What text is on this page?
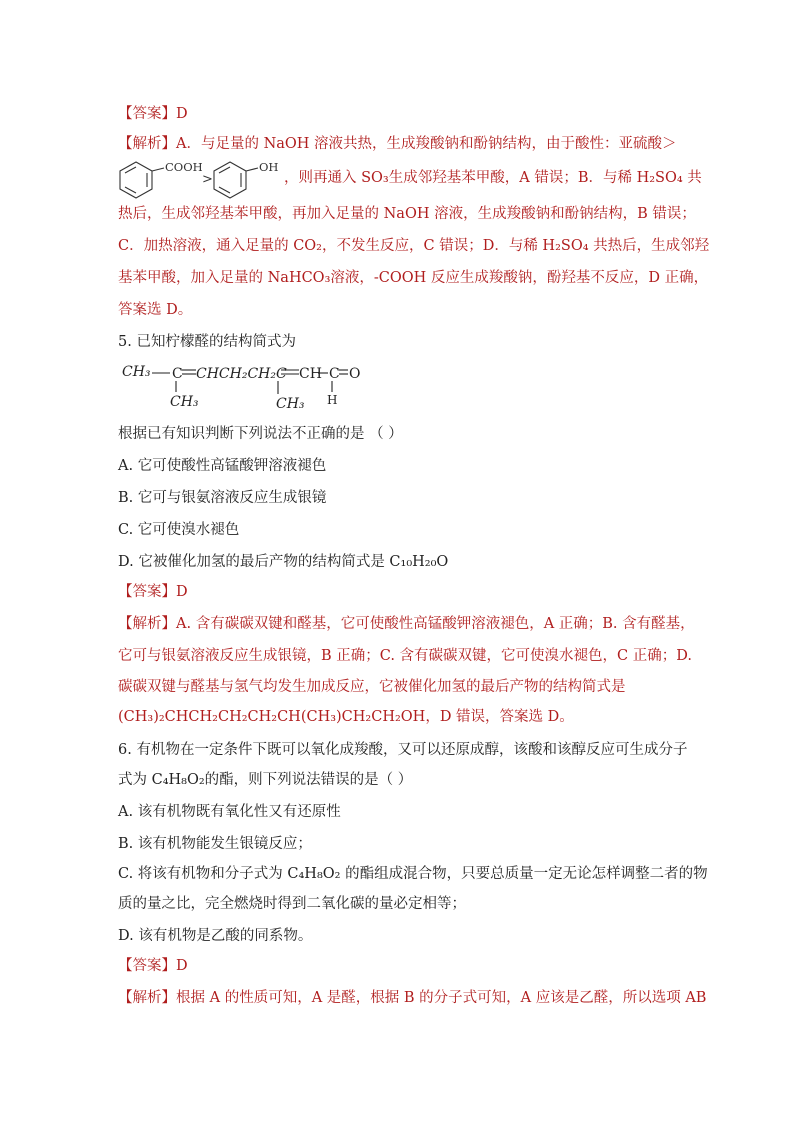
【答案】D
【解析】A．与足量的 NaOH 溶液共热，生成羧酸钠和酚钠结构，由于酸性：亚硫酸＞
COOH
>
OH
，则再通入 SO₃生成邻羟基苯甲酸，A 错误；B．与稀 H₂SO₄ 共
热后，生成邻羟基苯甲酸，再加入足量的 NaOH 溶液，生成羧酸钠和酚钠结构，B 错误；
C．加热溶液，通入足量的 CO₂，不发生反应，C 错误；D．与稀 H₂SO₄ 共热后，生成邻羟
基苯甲酸，加入足量的 NaHCO₃溶液，-COOH 反应生成羧酸钠，酚羟基不反应，D 正确，
答案选 D。
5. 已知柠檬醛的结构简式为
CH₃ C CHCH₂CH₂C	C O
CH₃	CH₃ H
CH
根据已有知识判断下列说法不正确的是 （ ）
A. 它可使酸性高锰酸钾溶液褪色
B. 它可与银氨溶液反应生成银镜
C. 它可使溴水褪色
D. 它被催化加氢的最后产物的结构简式是 C₁₀H₂₀O
【答案】D
【解析】A. 含有碳碳双键和醛基，它可使酸性高锰酸钾溶液褪色，A 正确；B. 含有醛基，
它可与银氨溶液反应生成银镜，B 正确；C. 含有碳碳双键，它可使溴水褪色，C 正确；D.
碳碳双键与醛基与氢气均发生加成反应，它被催化加氢的最后产物的结构简式是
(CH₃)₂CHCH₂CH₂CH₂CH(CH₃)CH₂CH₂OH，D 错误，答案选 D。
6. 有机物在一定条件下既可以氧化成羧酸，又可以还原成醇，该酸和该醇反应可生成分子
式为 C₄H₈O₂的酯，则下列说法错误的是（ ）
A. 该有机物既有氧化性又有还原性
B. 该有机物能发生银镜反应；
C. 将该有机物和分子式为 C₄H₈O₂ 的酯组成混合物，只要总质量一定无论怎样调整二者的物
质的量之比，完全燃烧时得到二氧化碳的量必定相等；
D. 该有机物是乙酸的同系物。
【答案】D
【解析】根据 A 的性质可知，A 是醛，根据 B 的分子式可知，A 应该是乙醛，所以选项 AB
